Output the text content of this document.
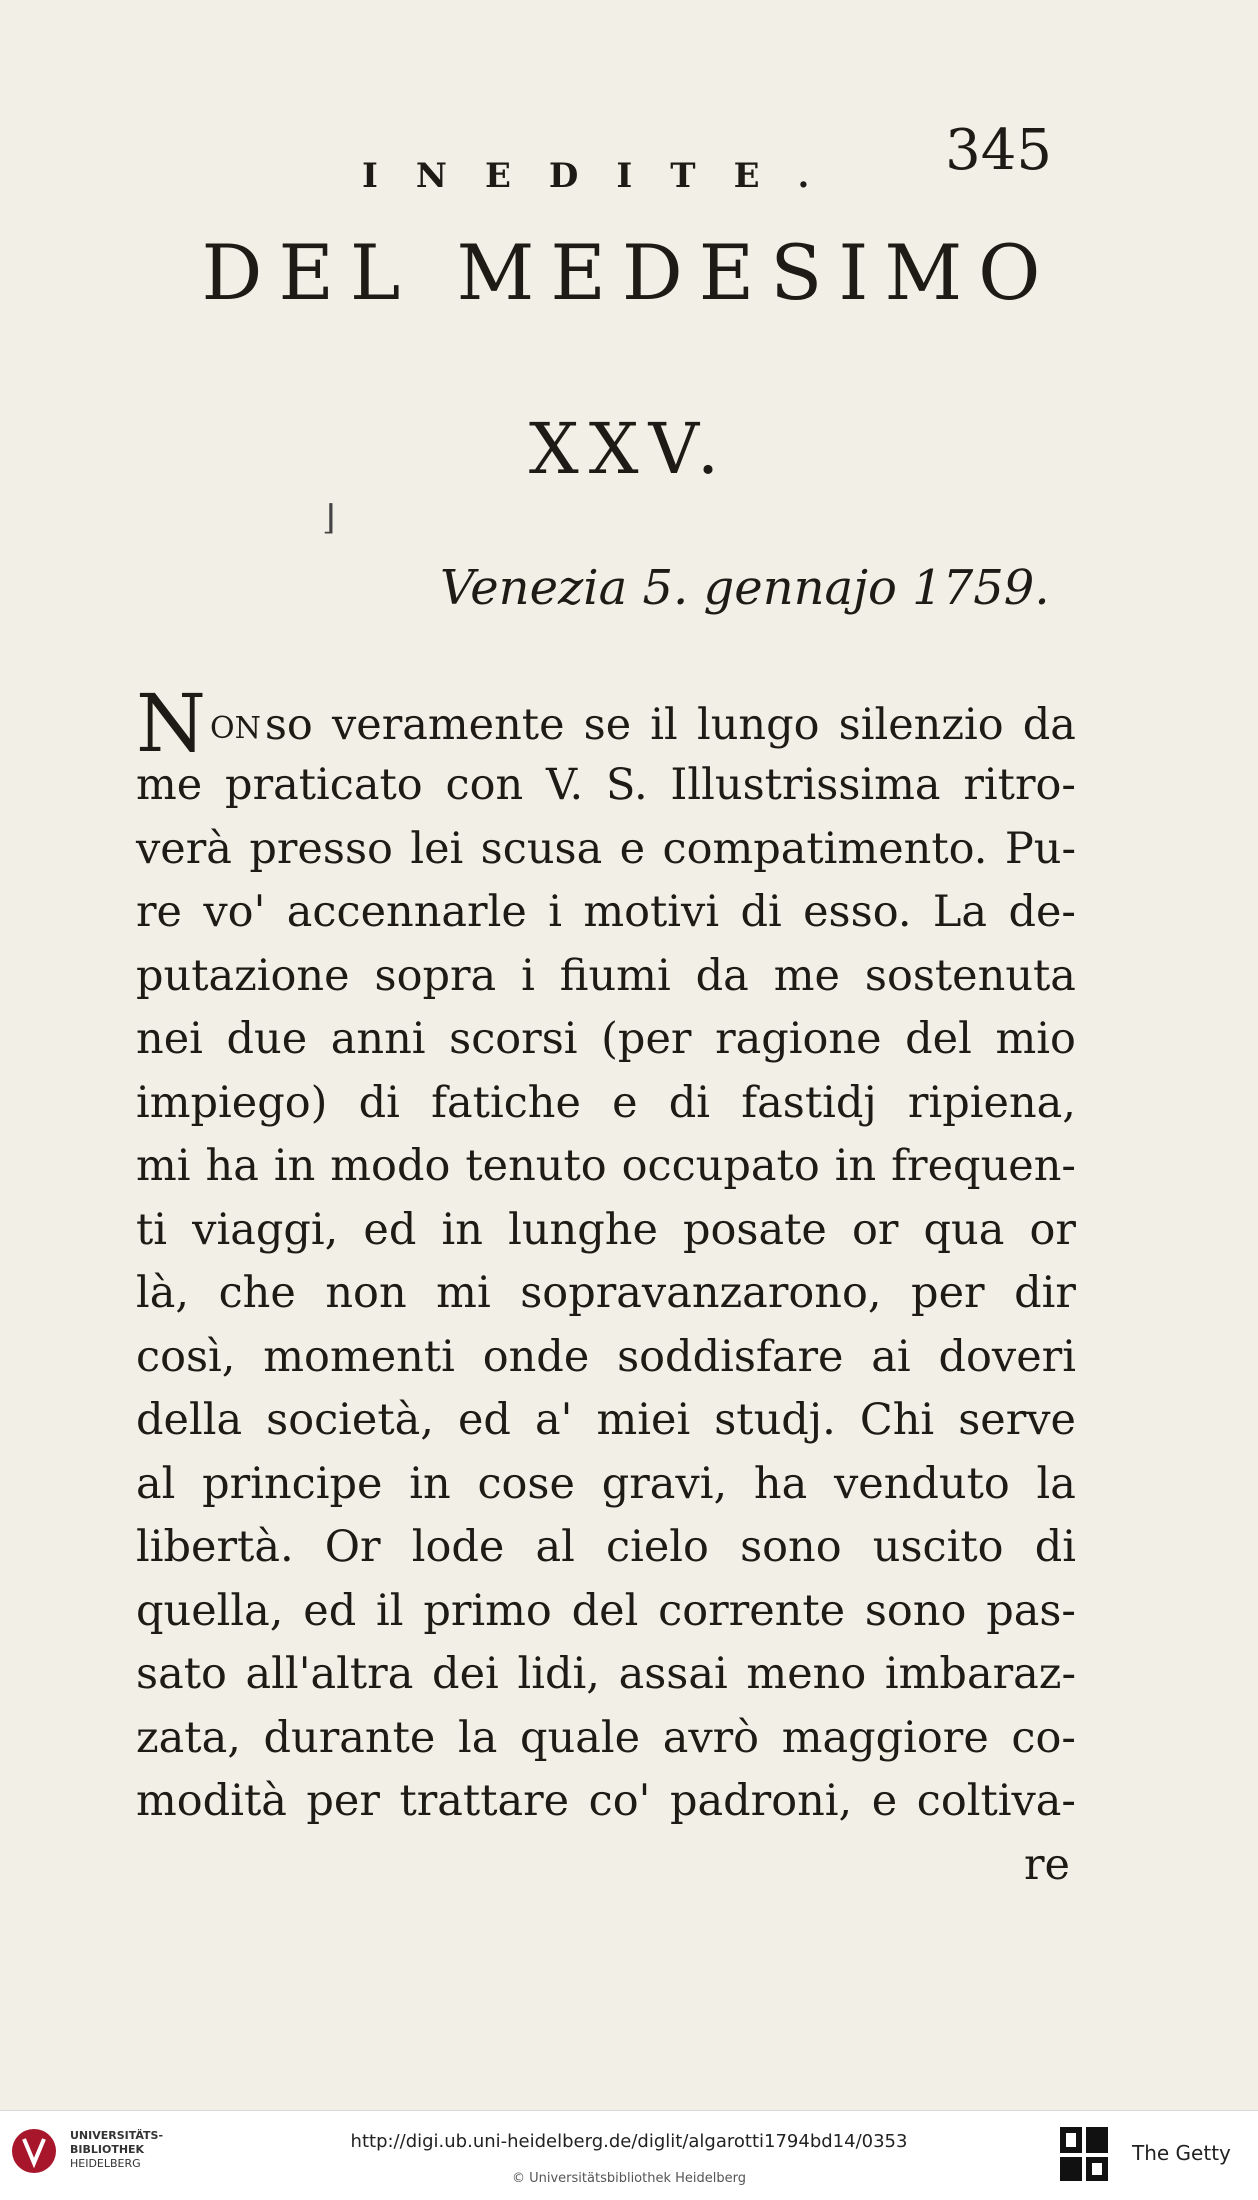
INEDITE. 345
DEL MEDESIMO
XXV.
⌋
Venezia 5. gennajo 1759.
N ON so veramente se il lungo silenzio da
me praticato con V. S. Illustrissima ritro-
verà presso lei scusa e compatimento. Pu-
re vo' accennarle i motivi di esso. La de-
putazione sopra i fiumi da me sostenuta
nei due anni scorsi (per ragione del mio
impiego) di fatiche e di fastidj ripiena,
mi ha in modo tenuto occupato in frequen-
ti viaggi, ed in lunghe posate or qua or
là, che non mi sopravanzarono, per dir
così, momenti onde soddisfare ai doveri
della società, ed a' miei studj. Chi serve
al principe in cose gravi, ha venduto la
libertà. Or lode al cielo sono uscito di
quella, ed il primo del corrente sono pas-
sato all'altra dei lidi, assai meno imbaraz-
zata, durante la quale avrò maggiore co-
modità per trattare co' padroni, e coltiva-
re
UNIVERSITÄTS-
BIBLIOTHEK
HEIDELBERG
http://digi.ub.uni-heidelberg.de/diglit/algarotti1794bd14/0353
© Universitätsbibliothek Heidelberg
The Getty
